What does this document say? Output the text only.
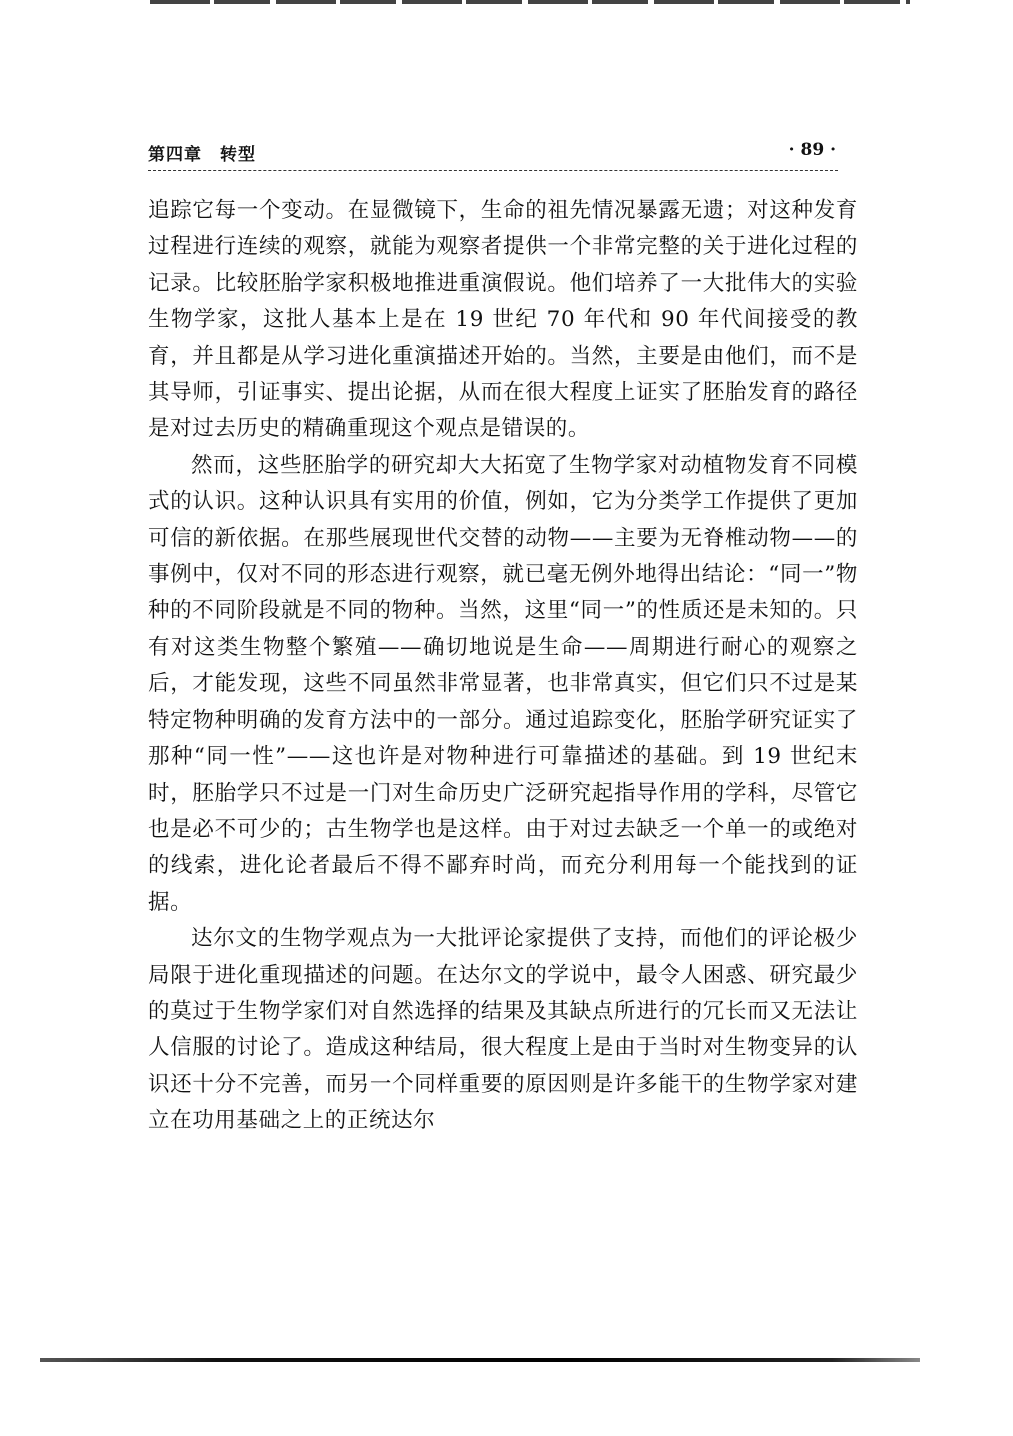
第四章　转型	· 89 ·

追踪它每一个变动。在显微镜下，生命的祖先情况暴露无遗；对这种发育过程进行连续的观察，就能为观察者提供一个非常完整的关于进化过程的记录。比较胚胎学家积极地推进重演假说。他们培养了一大批伟大的实验生物学家，这批人基本上是在 19 世纪 70 年代和 90 年代间接受的教育，并且都是从学习进化重演描述开始的。当然，主要是由他们，而不是其导师，引证事实、提出论据，从而在很大程度上证实了胚胎发育的路径是对过去历史的精确重现这个观点是错误的。

然而，这些胚胎学的研究却大大拓宽了生物学家对动植物发育不同模式的认识。这种认识具有实用的价值，例如，它为分类学工作提供了更加可信的新依据。在那些展现世代交替的动物——主要为无脊椎动物——的事例中，仅对不同的形态进行观察，就已毫无例外地得出结论：“同一”物种的不同阶段就是不同的物种。当然，这里“同一”的性质还是未知的。只有对这类生物整个繁殖——确切地说是生命——周期进行耐心的观察之后，才能发现，这些不同虽然非常显著，也非常真实，但它们只不过是某特定物种明确的发育方法中的一部分。通过追踪变化，胚胎学研究证实了那种“同一性”——这也许是对物种进行可靠描述的基础。到 19 世纪末时，胚胎学只不过是一门对生命历史广泛研究起指导作用的学科，尽管它也是必不可少的；古生物学也是这样。由于对过去缺乏一个单一的或绝对的线索，进化论者最后不得不鄙弃时尚，而充分利用每一个能找到的证据。

达尔文的生物学观点为一大批评论家提供了支持，而他们的评论极少局限于进化重现描述的问题。在达尔文的学说中，最令人困惑、研究最少的莫过于生物学家们对自然选择的结果及其缺点所进行的冗长而又无法让人信服的讨论了。造成这种结局，很大程度上是由于当时对生物变异的认识还十分不完善，而另一个同样重要的原因则是许多能干的生物学家对建立在功用基础之上的正统达尔
